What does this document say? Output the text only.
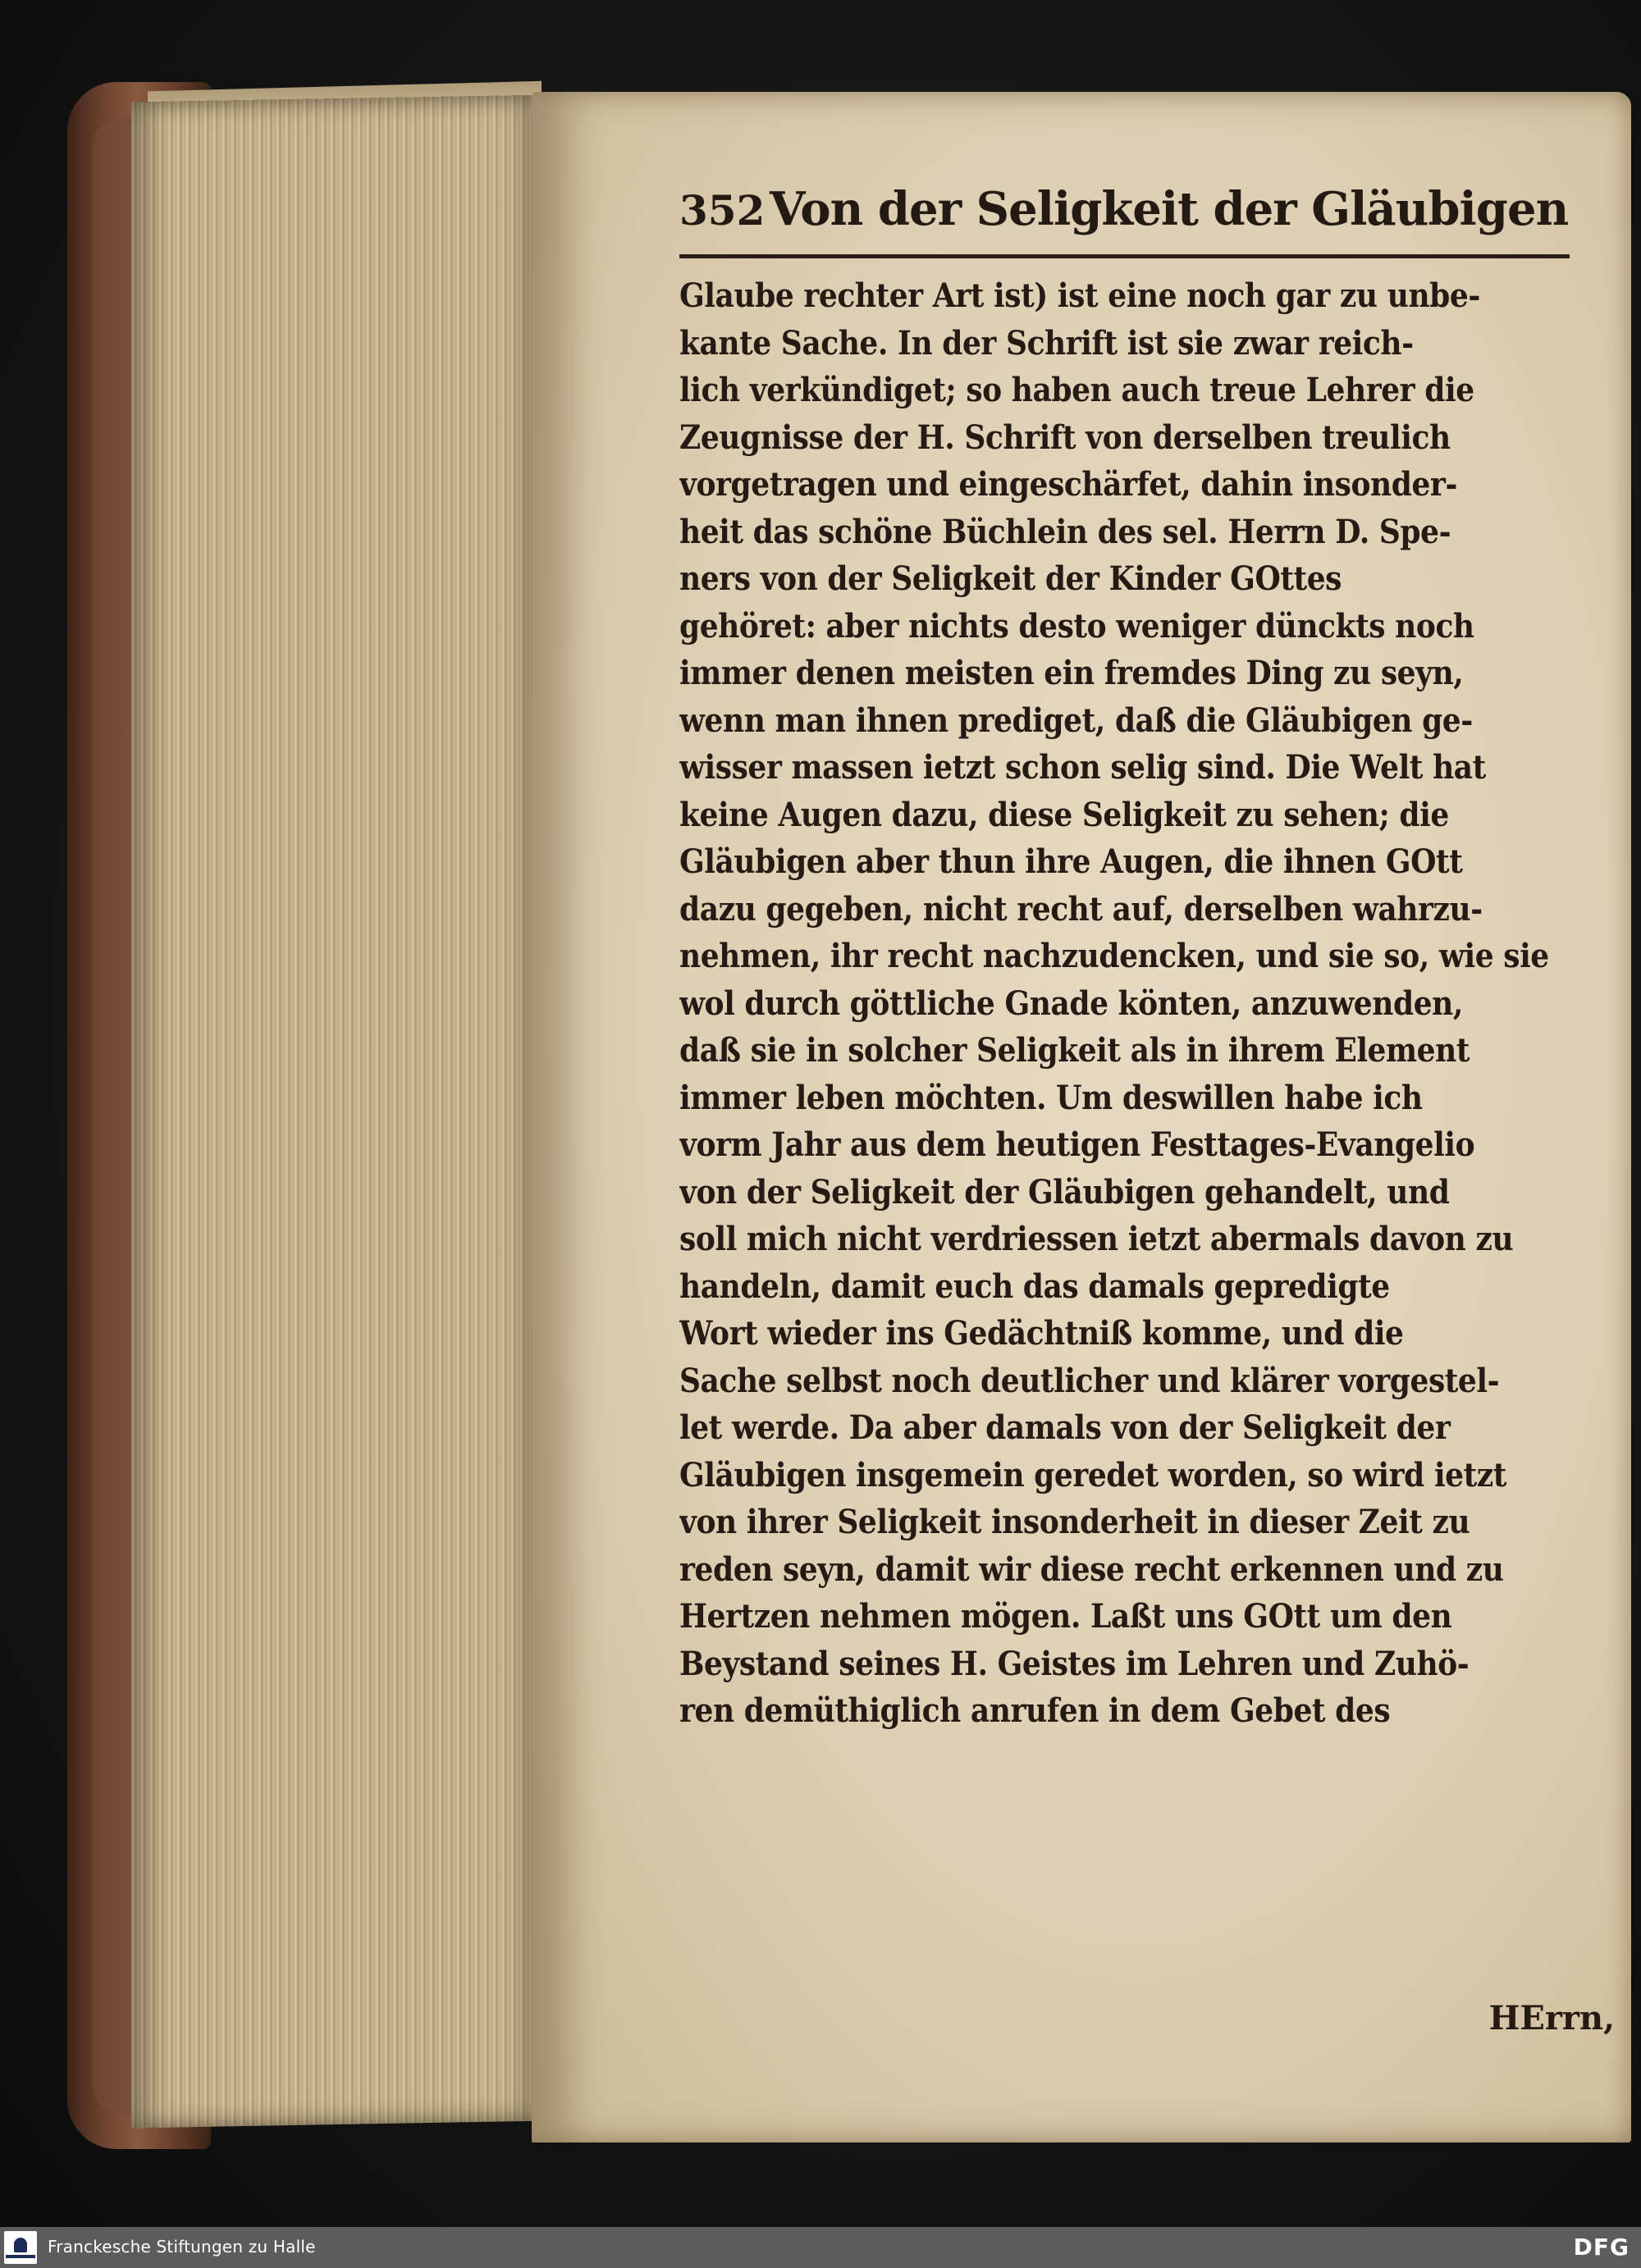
352 Von der Seligkeit der Gläubigen
Glaube rechter Art ist) ist eine noch gar zu unbe-
kante Sache. In der Schrift ist sie zwar reich-
lich verkündiget; so haben auch treue Lehrer die
Zeugnisse der H. Schrift von derselben treulich
vorgetragen und eingeschärfet, dahin insonder-
heit das schöne Büchlein des sel. Herrn D. Spe-
ners von der Seligkeit der Kinder GOttes
gehöret: aber nichts desto weniger dünckts noch
immer denen meisten ein fremdes Ding zu seyn,
wenn man ihnen prediget, daß die Gläubigen ge-
wisser massen ietzt schon selig sind. Die Welt hat
keine Augen dazu, diese Seligkeit zu sehen; die
Gläubigen aber thun ihre Augen, die ihnen GOtt
dazu gegeben, nicht recht auf, derselben wahrzu-
nehmen, ihr recht nachzudencken, und sie so, wie sie
wol durch göttliche Gnade könten, anzuwenden,
daß sie in solcher Seligkeit als in ihrem Element
immer leben möchten. Um deswillen habe ich
vorm Jahr aus dem heutigen Festtages-Evangelio
von der Seligkeit der Gläubigen gehandelt, und
soll mich nicht verdriessen ietzt abermals davon zu
handeln, damit euch das damals gepredigte
Wort wieder ins Gedächtniß komme, und die
Sache selbst noch deutlicher und klärer vorgestel-
let werde. Da aber damals von der Seligkeit der
Gläubigen insgemein geredet worden, so wird ietzt
von ihrer Seligkeit insonderheit in dieser Zeit zu
reden seyn, damit wir diese recht erkennen und zu
Hertzen nehmen mögen. Laßt uns GOtt um den
Beystand seines H. Geistes im Lehren und Zuhö-
ren demüthiglich anrufen in dem Gebet des
HErrn,
Franckesche Stiftungen zu Halle	DFG
